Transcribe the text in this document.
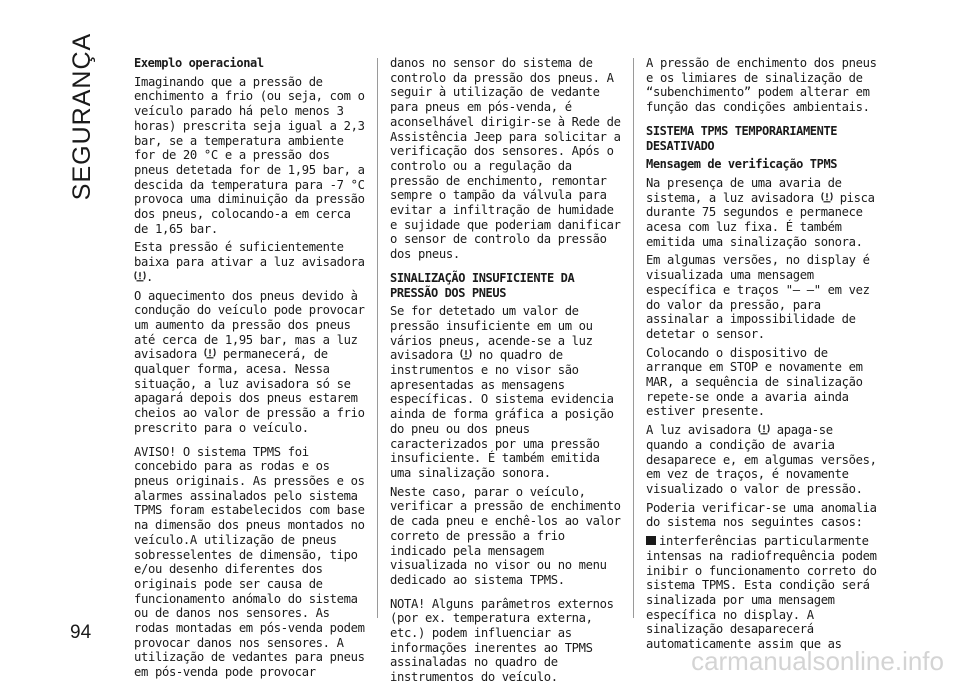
SEGURANÇA	Exemplo operacional

Imaginando que a pressão de enchimento a frio (ou seja, com o veículo parado há pelo menos 3 horas) prescrita seja igual a 2,3 bar, se a temperatura ambiente for de 20 °C e a pressão dos pneus detetada for de 1,95 bar, a descida da temperatura para -7 °C provoca uma diminuição da pressão dos pneus, colocando-a em cerca de 1,65 bar.

Esta pressão é suficientemente baixa para ativar a luz avisadora .

O aquecimento dos pneus devido à condução do veículo pode provocar um aumento da pressão dos pneus até cerca de 1,95 bar, mas a luz avisadora  permanecerá, de qualquer forma, acesa. Nessa situação, a luz avisadora só se apagará depois dos pneus estarem cheios ao valor de pressão a frio prescrito para o veículo.

AVISO! O sistema TPMS foi concebido para as rodas e os pneus originais. As pressões e os alarmes assinalados pelo sistema TPMS foram estabelecidos com base na dimensão dos pneus montados no veículo.A utilização de pneus sobresselentes de dimensão, tipo e/ou desenho diferentes dos originais pode ser causa de funcionamento anómalo do sistema ou de danos nos sensores. As rodas montadas em pós-venda podem provocar danos nos sensores. A utilização de vedantes para pneus em pós-venda pode provocar

danos no sensor do sistema de controlo da pressão dos pneus. A seguir à utilização de vedante para pneus em pós-venda, é aconselhável dirigir-se à Rede de Assistência Jeep para solicitar a verificação dos sensores. Após o controlo ou a regulação da pressão de enchimento, remontar sempre o tampão da válvula para evitar a infiltração de humidade e sujidade que poderiam danificar o sensor de controlo da pressão dos pneus.

SINALIZAÇÃO INSUFICIENTE DA PRESSÃO DOS PNEUS

Se for detetado um valor de pressão insuficiente em um ou vários pneus, acende-se a luz avisadora  no quadro de instrumentos e no visor são apresentadas as mensagens específicas. O sistema evidencia ainda de forma gráfica a posição do pneu ou dos pneus caracterizados por uma pressão insuficiente. É também emitida uma sinalização sonora.

Neste caso, parar o veículo, verificar a pressão de enchimento de cada pneu e enchê-los ao valor correto de pressão a frio indicado pela mensagem visualizada no visor ou no menu dedicado ao sistema TPMS.

NOTA! Alguns parâmetros externos (por ex. temperatura externa, etc.) podem influenciar as informações inerentes ao TPMS assinaladas no quadro de instrumentos do veículo.

A pressão de enchimento dos pneus e os limiares de sinalização de “subenchimento” podem alterar em função das condições ambientais.

SISTEMA TPMS TEMPORARIAMENTE DESATIVADO
Mensagem de verificação TPMS

Na presença de uma avaria de sistema, a luz avisadora  pisca durante 75 segundos e permanece acesa com luz fixa. É também emitida uma sinalização sonora.

Em algumas versões, no display é visualizada uma mensagem específica e traços "– –" em vez do valor da pressão, para assinalar a impossibilidade de detetar o sensor.

Colocando o dispositivo de arranque em STOP e novamente em MAR, a sequência de sinalização repete-se onde a avaria ainda estiver presente.

A luz avisadora  apaga-se quando a condição de avaria desaparece e, em algumas versões, em vez de traços, é novamente visualizado o valor de pressão.

Poderia verificar-se uma anomalia do sistema nos seguintes casos:

interferências particularmente intensas na radiofrequência podem inibir o funcionamento correto do sistema TPMS. Esta condição será sinalizada por uma mensagem específica no display. A sinalização desaparecerá automaticamente assim que as

94
carmanualsonline.info
